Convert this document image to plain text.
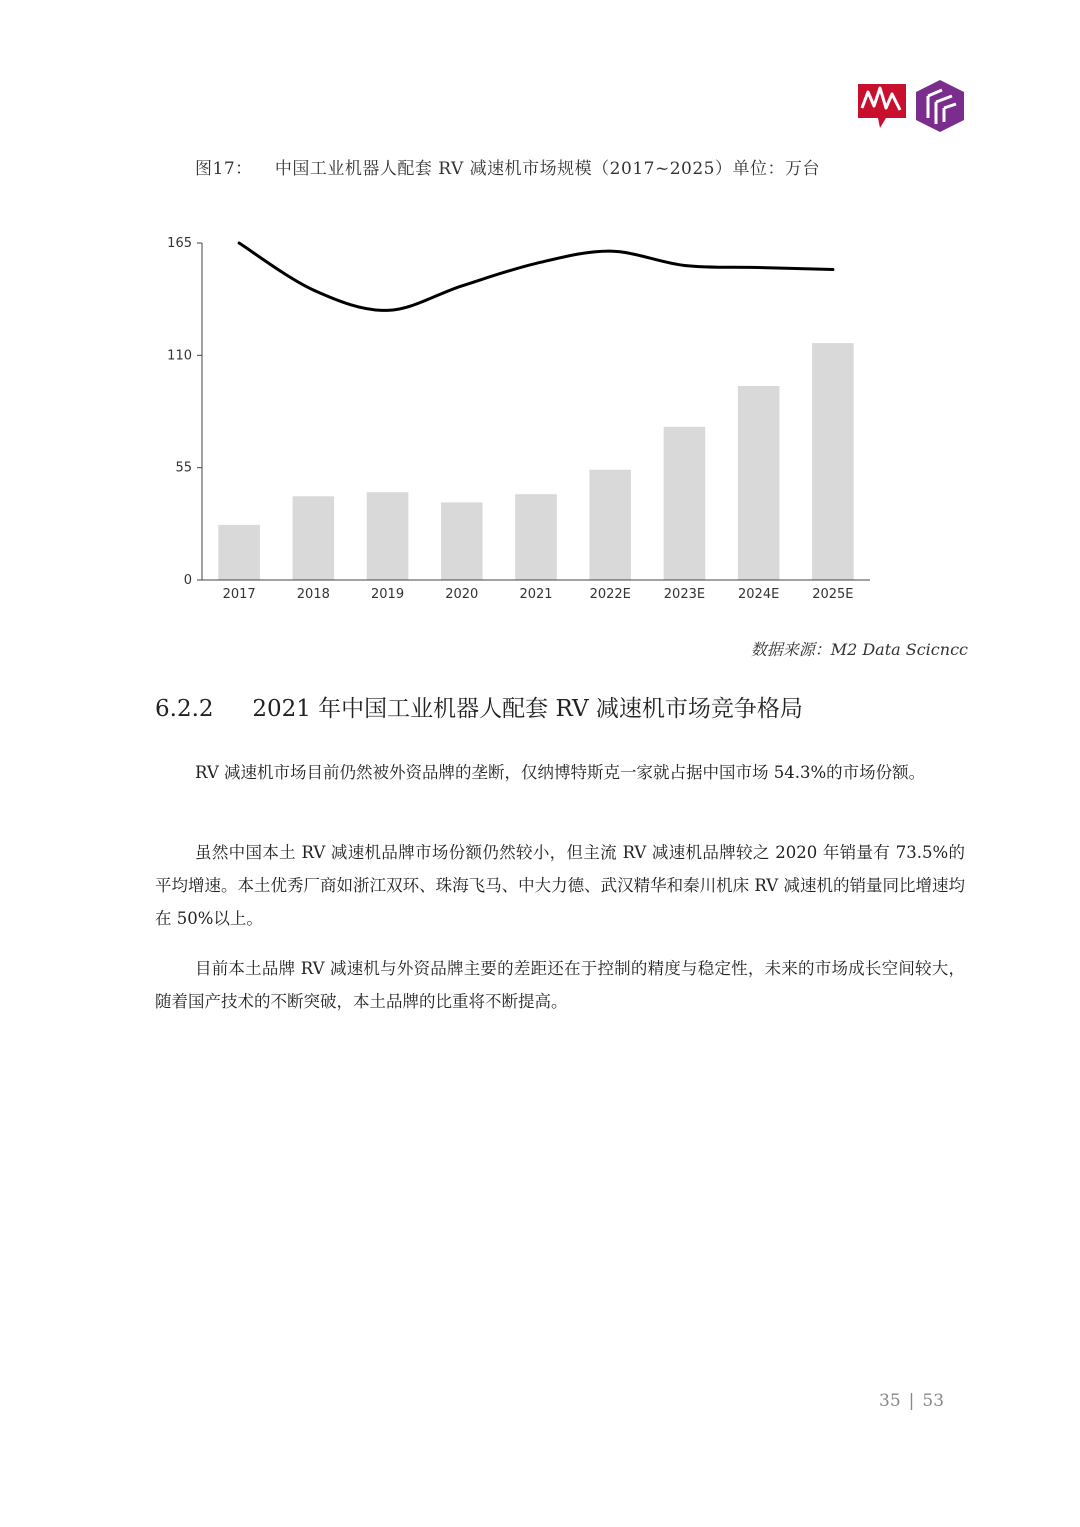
图17： 中国工业机器人配套 RV 减速机市场规模（2017~2025）单位：万台
0
55
110
165
2017	2018	2019	2020	2021	2022E	2023E	2024E	2025E
数据来源：M2 Data Scicncc
6.2.2 2021 年中国工业机器人配套 RV 减速机市场竞争格局

RV 减速机市场目前仍然被外资品牌的垄断，仅纳博特斯克一家就占据中国市场 54.3%的市场份额。

虽然中国本土 RV 减速机品牌市场份额仍然较小，但主流 RV 减速机品牌较之 2020 年销量有 73.5%的平均增速。本土优秀厂商如浙江双环、珠海飞马、中大力德、武汉精华和秦川机床 RV 减速机的销量同比增速均在 50%以上。

目前本土品牌 RV 减速机与外资品牌主要的差距还在于控制的精度与稳定性，未来的市场成长空间较大，随着国产技术的不断突破，本土品牌的比重将不断提高。

35 | 53
